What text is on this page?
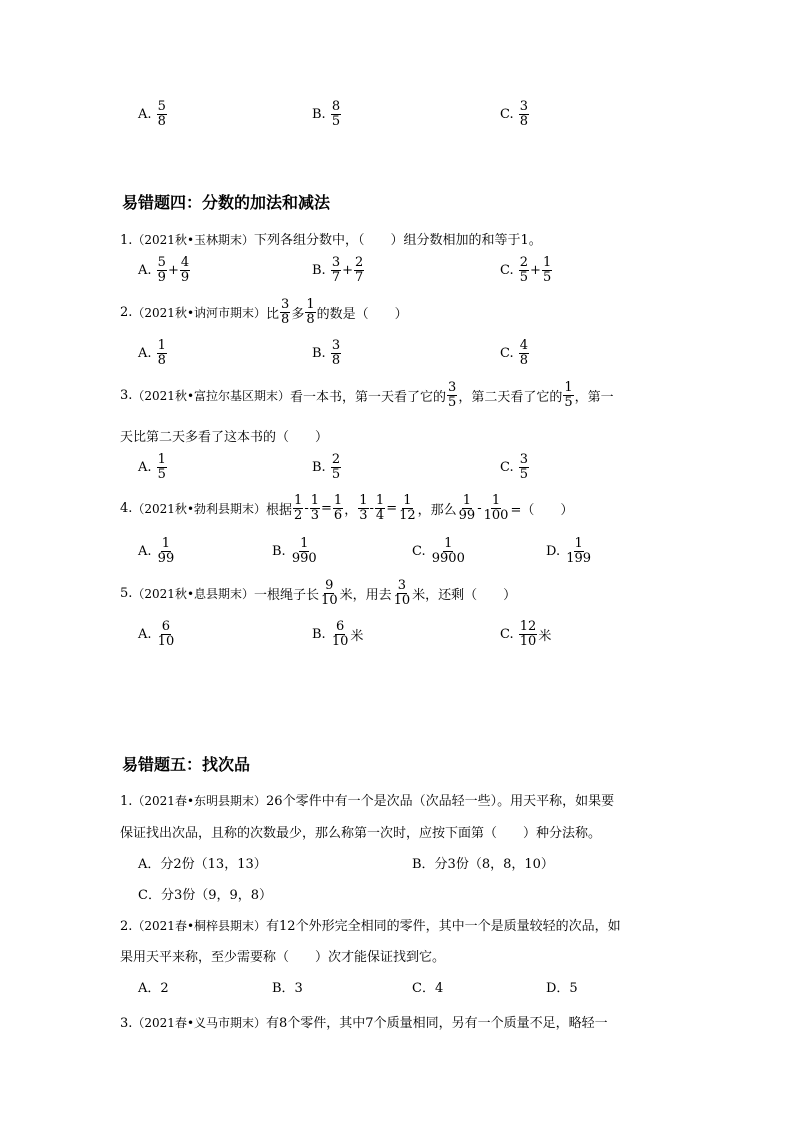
A. $\frac{5}{8}$	B. $\frac{8}{5}$	C. $\frac{3}{8}$
易错题四：分数的加法和减法
1.（2021秋•玉林期末）下列各组分数中，（　　）组分数相加的和等于1。
A. $\frac{5}{9} + \frac{4}{9}$	B. $\frac{3}{7} + \frac{2}{7}$	C. $\frac{2}{5} + \frac{1}{5}$
2.（2021秋•讷河市期末）比 $\frac{3}{8}$ 多 $\frac{1}{8}$ 的数是（　　）
A. $\frac{1}{8}$	B. $\frac{3}{8}$	C. $\frac{4}{8}$
3.（2021秋•富拉尔基区期末）看一本书，第一天看了它的 $\frac{3}{5}$ ，第二天看了它的 $\frac{1}{5}$ ，第一
天比第二天多看了这本书的（　　）
A. $\frac{1}{5}$	B. $\frac{2}{5}$	C. $\frac{3}{5}$
4.（2021秋•勃利县期末）根据 $\frac{1}{2} - \frac{1}{3} = \frac{1}{6}$ ， $\frac{1}{3} - \frac{1}{4} = \frac{1}{12}$ ，那么 $\frac{1}{99} - \frac{1}{100}$ =（　　）
A. $\frac{1}{99}$	B. $\frac{1}{990}$	C. $\frac{1}{9900}$	D. $\frac{1}{199}$
5.（2021秋•息县期末）一根绳子长 $\frac{9}{10}$ 米，用去 $\frac{3}{10}$ 米，还剩（　　）
A. $\frac{6}{10}$	B. $\frac{6}{10}$ 米	C. $\frac{12}{10}$ 米
易错题五：找次品
1.（2021春•东明县期末）26个零件中有一个是次品（次品轻一些）。用天平称，如果要
保证找出次品，且称的次数最少，那么称第一次时，应按下面第（　　）种分法称。
A．分2份（13，13）	B．分3份（8，8，10）
C．分3份（9，9，8）
2.（2021春•桐梓县期末）有12个外形完全相同的零件，其中一个是质量较轻的次品，如
果用天平来称，至少需要称（　　）次才能保证找到它。
A．2	B．3	C．4	D．5
3.（2021春•义马市期末）有8个零件，其中7个质量相同，另有一个质量不足，略轻一
